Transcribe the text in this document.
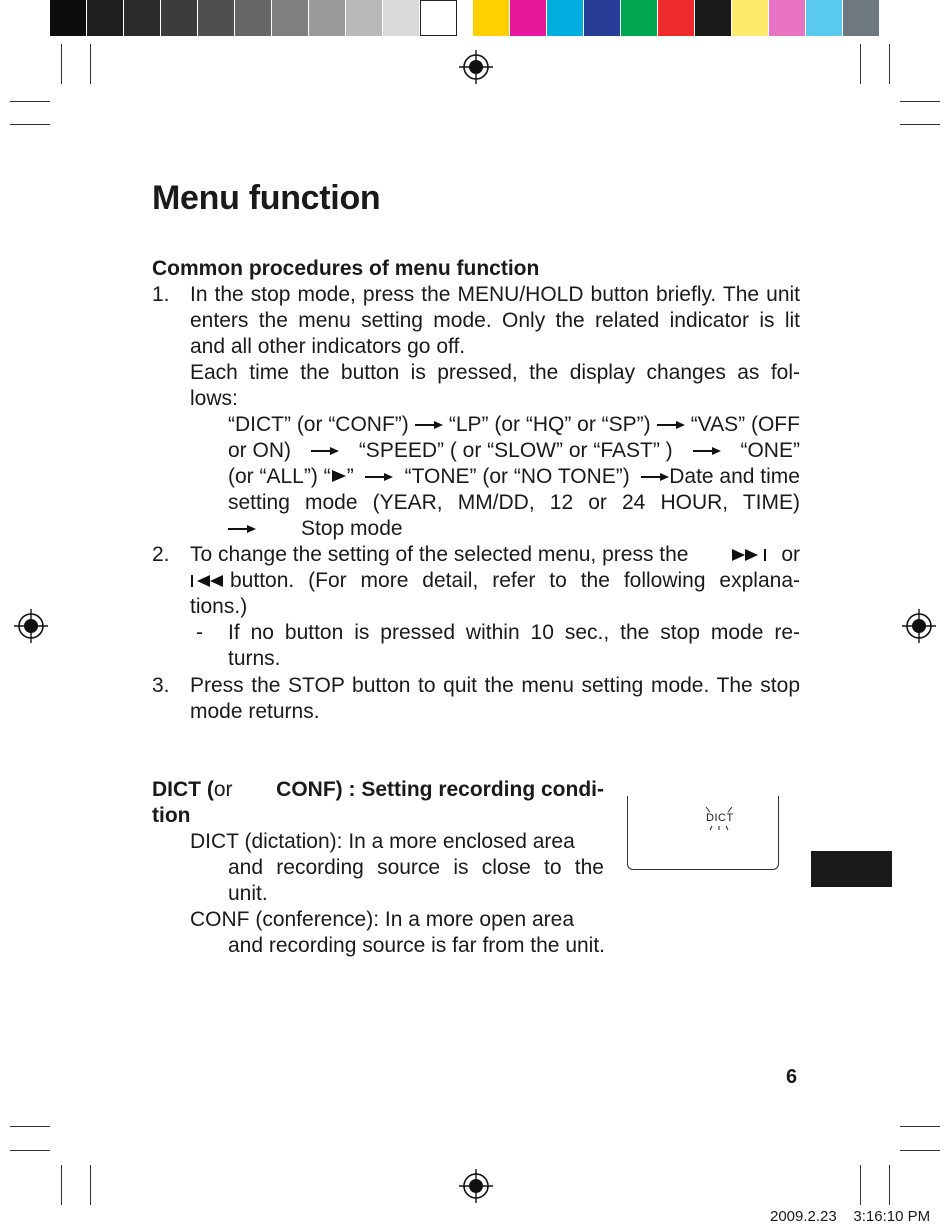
Menu function
Common procedures of menu function
1. In the stop mode, press the MENU/HOLD button briefly. The unit
enters the menu setting mode. Only the related indicator is lit
and all other indicators go off.
Each time the button is pressed, the display changes as fol-
lows:
“DICT” (or “CONF”) “LP” (or “HQ” or “SP”) “VAS” (OFF
or ON)	“SPEED” ( or “SLOW” or “FAST” )	“ONE”
(or “ALL”) “ ” “TONE” (or “NO TONE”) Date and time
setting mode (YEAR, MM/DD, 12 or 24 HOUR, TIME)
Stop mode
2. To change the setting of the selected menu, press the	or
button. (For more detail, refer to the following explana-
tions.)
-	If no button is pressed within 10 sec., the stop mode re-
turns.
3. Press the STOP button to quit the menu setting mode. The stop
mode returns.
DICT (or CONF) : Setting recording condi-
tion
DICT (dictation): In a more enclosed area
and recording source is close to the
unit.
CONF (conference): In a more open area
and recording source is far from the unit.
DICT
6
2009.2.23    3:16:10 PM
